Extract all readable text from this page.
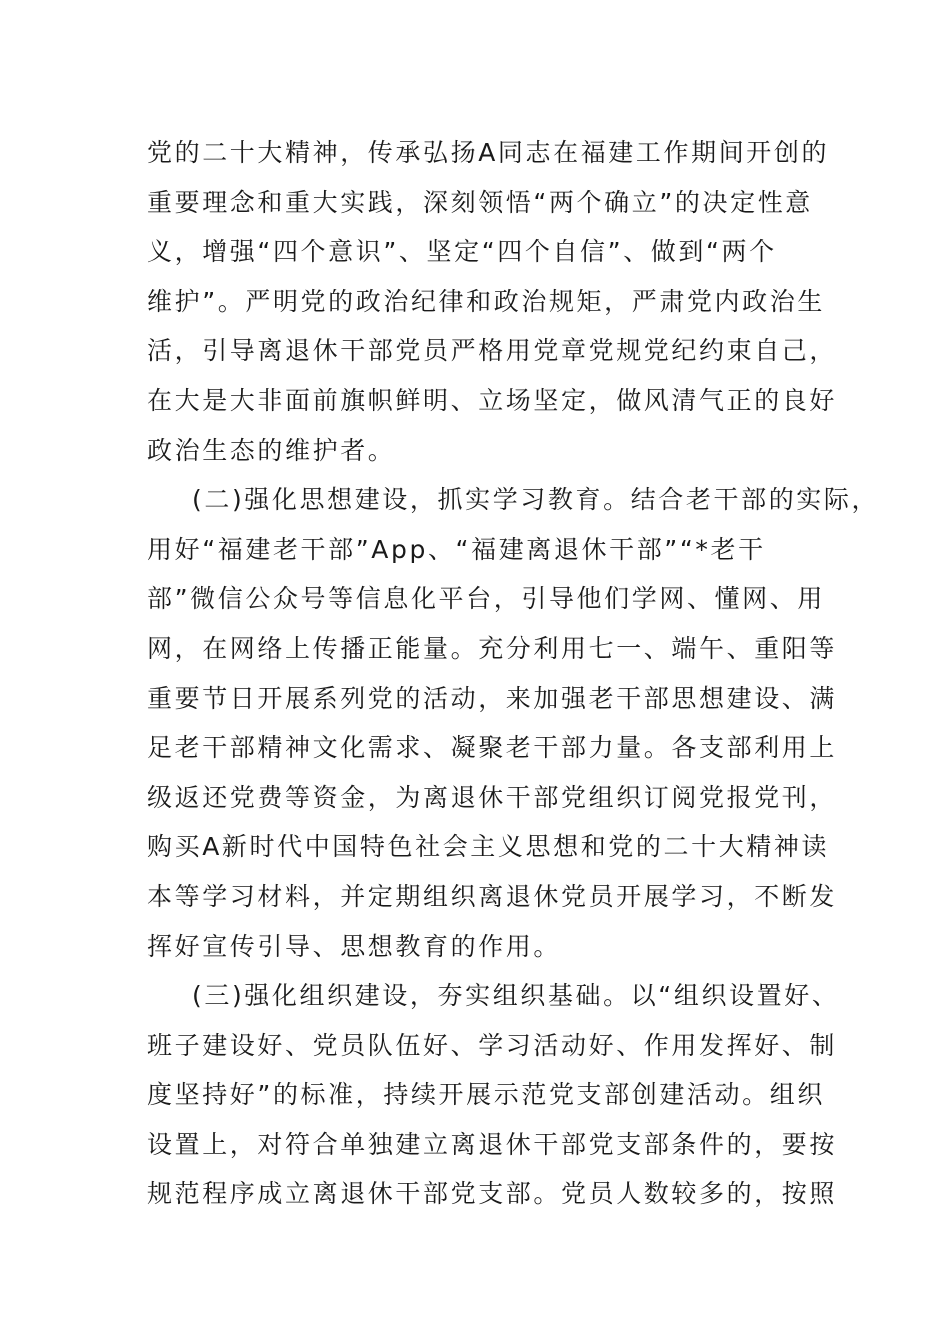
党的二十大精神，传承弘扬A同志在福建工作期间开创的
重要理念和重大实践，深刻领悟“两个确立”的决定性意
义，增强“四个意识”、坚定“四个自信”、做到“两个
维护”。严明党的政治纪律和政治规矩，严肃党内政治生
活，引导离退休干部党员严格用党章党规党纪约束自己，
在大是大非面前旗帜鲜明、立场坚定，做风清气正的良好
政治生态的维护者。
(二)强化思想建设，抓实学习教育。结合老干部的实际，
用好“福建老干部”App、“福建离退休干部”“*老干
部”微信公众号等信息化平台，引导他们学网、懂网、用
网，在网络上传播正能量。充分利用七一、端午、重阳等
重要节日开展系列党的活动，来加强老干部思想建设、满
足老干部精神文化需求、凝聚老干部力量。各支部利用上
级返还党费等资金，为离退休干部党组织订阅党报党刊，
购买A新时代中国特色社会主义思想和党的二十大精神读
本等学习材料，并定期组织离退休党员开展学习，不断发
挥好宣传引导、思想教育的作用。
(三)强化组织建设，夯实组织基础。以“组织设置好、
班子建设好、党员队伍好、学习活动好、作用发挥好、制
度坚持好”的标准，持续开展示范党支部创建活动。组织
设置上，对符合单独建立离退休干部党支部条件的，要按
规范程序成立离退休干部党支部。党员人数较多的，按照
